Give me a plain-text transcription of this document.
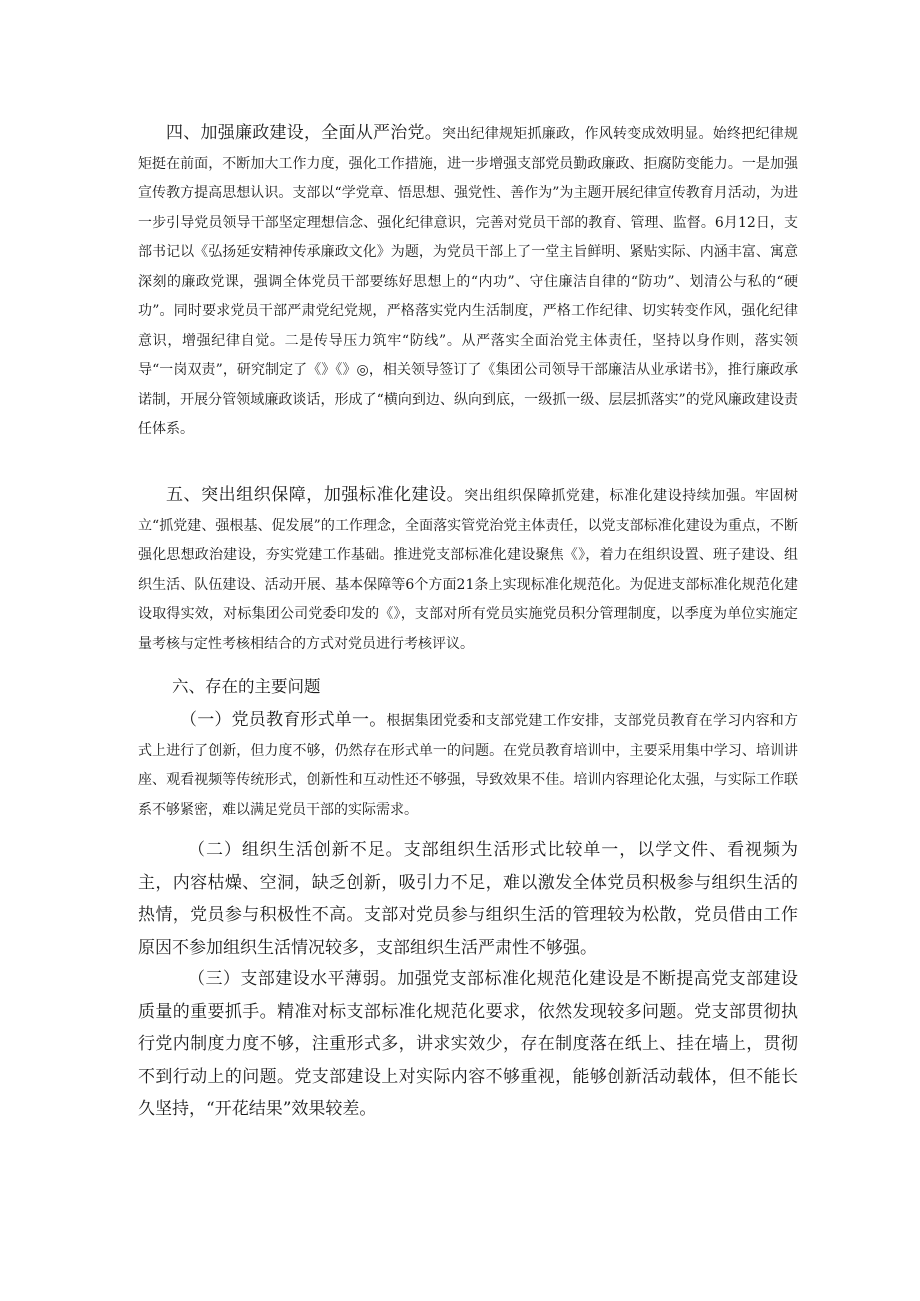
四、加强廉政建设，全面从严治党。突出纪律规矩抓廉政，作风转变成效明显。始终把纪律规矩挺在前面，不断加大工作力度，强化工作措施，进一步增强支部党员勤政廉政、拒腐防变能力。一是加强宣传教方提高思想认识。支部以“学党章、悟思想、强党性、善作为”为主题开展纪律宣传教育月活动，为进一步引导党员领导干部坚定理想信念、强化纪律意识，完善对党员干部的教育、管理、监督。6月12日，支部书记以《弘扬延安精神传承廉政文化》为题，为党员干部上了一堂主旨鲜明、紧贴实际、内涵丰富、寓意深刻的廉政党课，强调全体党员干部要练好思想上的“内功”、守住廉洁自律的“防功”、划清公与私的“硬功”。同时要求党员干部严肃党纪党规，严格落实党内生活制度，严格工作纪律、切实转变作风，强化纪律意识，增强纪律自觉。二是传导压力筑牢“防线”。从严落实全面治党主体责任，坚持以身作则，落实领导“一岗双责”，研究制定了《》《》◎，相关领导签订了《集团公司领导干部廉洁从业承诺书》，推行廉政承诺制，开展分管领域廉政谈话，形成了“横向到边、纵向到底，一级抓一级、层层抓落实”的党风廉政建设责任体系。

五、突出组织保障，加强标准化建设。突出组织保障抓党建，标准化建设持续加强。牢固树立“抓党建、强根基、促发展”的工作理念，全面落实管党治党主体责任，以党支部标准化建设为重点，不断强化思想政治建设，夯实党建工作基础。推进党支部标准化建设聚焦《》，着力在组织设置、班子建设、组织生活、队伍建设、活动开展、基本保障等6个方面21条上实现标准化规范化。为促进支部标准化规范化建设取得实效，对标集团公司党委印发的《》，支部对所有党员实施党员积分管理制度，以季度为单位实施定量考核与定性考核相结合的方式对党员进行考核评议。

六、存在的主要问题

（一）党员教育形式单一。根据集团党委和支部党建工作安排，支部党员教育在学习内容和方式上进行了创新，但力度不够，仍然存在形式单一的问题。在党员教育培训中，主要采用集中学习、培训讲座、观看视频等传统形式，创新性和互动性还不够强，导致效果不佳。培训内容理论化太强，与实际工作联系不够紧密，难以满足党员干部的实际需求。

（二）组织生活创新不足。支部组织生活形式比较单一，以学文件、看视频为主，内容枯燥、空洞，缺乏创新，吸引力不足，难以激发全体党员积极参与组织生活的热情，党员参与积极性不高。支部对党员参与组织生活的管理较为松散，党员借由工作原因不参加组织生活情况较多，支部组织生活严肃性不够强。

（三）支部建设水平薄弱。加强党支部标准化规范化建设是不断提高党支部建设质量的重要抓手。精准对标支部标准化规范化要求，依然发现较多问题。党支部贯彻执行党内制度力度不够，注重形式多，讲求实效少，存在制度落在纸上、挂在墙上，贯彻不到行动上的问题。党支部建设上对实际内容不够重视，能够创新活动载体，但不能长久坚持，“开花结果”效果较差。
